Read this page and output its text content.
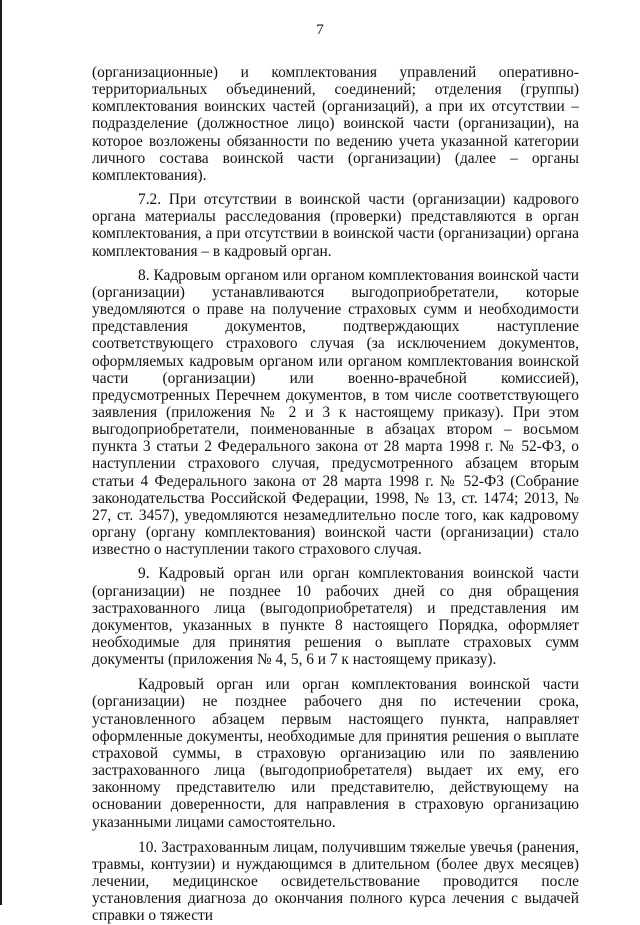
7

(организационные) и комплектования управлений оперативно-территориальных объединений, соединений; отделения (группы) комплектования воинских частей (организаций), а при их отсутствии – подразделение (должностное лицо) воинской части (организации), на которое возложены обязанности по ведению учета указанной категории личного состава воинской части (организации) (далее – органы комплектования).

7.2. При отсутствии в воинской части (организации) кадрового органа материалы расследования (проверки) представляются в орган комплектования, а при отсутствии в воинской части (организации) органа комплектования – в кадровый орган.

8. Кадровым органом или органом комплектования воинской части (организации) устанавливаются выгодоприобретатели, которые уведомляются о праве на получение страховых сумм и необходимости представления документов, подтверждающих наступление соответствующего страхового случая (за исключением документов, оформляемых кадровым органом или органом комплектования воинской части (организации) или военно-врачебной комиссией), предусмотренных Перечнем документов, в том числе соответствующего заявления (приложения № 2 и 3 к настоящему приказу). При этом выгодоприобретатели, поименованные в абзацах втором – восьмом пункта 3 статьи 2 Федерального закона от 28 марта 1998 г. № 52-ФЗ, о наступлении страхового случая, предусмотренного абзацем вторым статьи 4 Федерального закона от 28 марта 1998 г. № 52-ФЗ (Собрание законодательства Российской Федерации, 1998, № 13, ст. 1474; 2013, № 27, ст. 3457), уведомляются незамедлительно после того, как кадровому органу (органу комплектования) воинской части (организации) стало известно о наступлении такого страхового случая.

9. Кадровый орган или орган комплектования воинской части (организации) не позднее 10 рабочих дней со дня обращения застрахованного лица (выгодоприобретателя) и представления им документов, указанных в пункте 8 настоящего Порядка, оформляет необходимые для принятия решения о выплате страховых сумм документы (приложения № 4, 5, 6 и 7 к настоящему приказу).

Кадровый орган или орган комплектования воинской части (организации) не позднее рабочего дня по истечении срока, установленного абзацем первым настоящего пункта, направляет оформленные документы, необходимые для принятия решения о выплате страховой суммы, в страховую организацию или по заявлению застрахованного лица (выгодоприобретателя) выдает их ему, его законному представителю или представителю, действующему на основании доверенности, для направления в страховую организацию указанными лицами самостоятельно.

10. Застрахованным лицам, получившим тяжелые увечья (ранения, травмы, контузии) и нуждающимся в длительном (более двух месяцев) лечении, медицинское освидетельствование проводится после установления диагноза до окончания полного курса лечения с выдачей справки о тяжести
